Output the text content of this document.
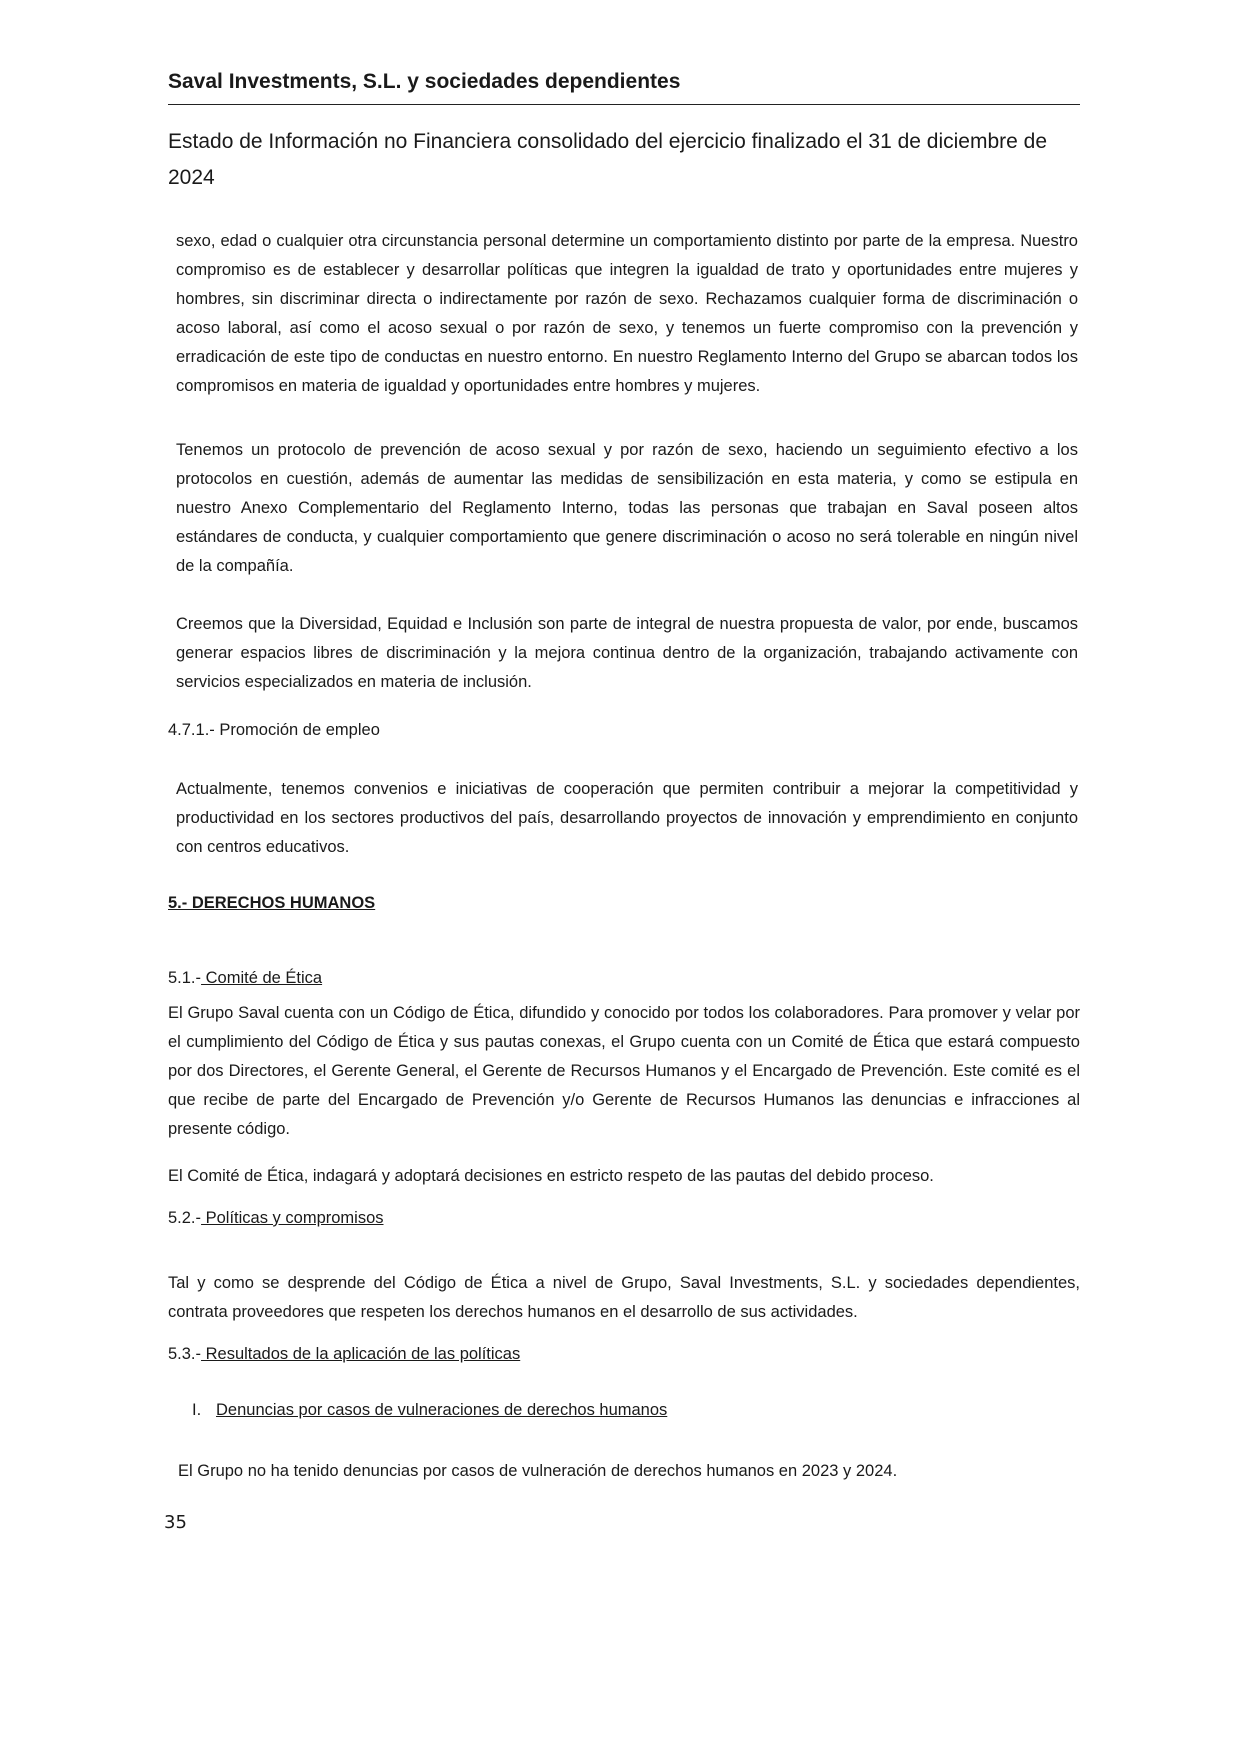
Saval Investments, S.L. y sociedades dependientes
Estado de Información no Financiera consolidado del ejercicio finalizado el 31 de diciembre de 2024
sexo, edad o cualquier otra circunstancia personal determine un comportamiento distinto por parte de la empresa. Nuestro compromiso es de establecer y desarrollar políticas que integren la igualdad de trato y oportunidades entre mujeres y hombres, sin discriminar directa o indirectamente por razón de sexo. Rechazamos cualquier forma de discriminación o acoso laboral, así como el acoso sexual o por razón de sexo, y tenemos un fuerte compromiso con la prevención y erradicación de este tipo de conductas en nuestro entorno. En nuestro Reglamento Interno del Grupo se abarcan todos los compromisos en materia de igualdad y oportunidades entre hombres y mujeres.
Tenemos un protocolo de prevención de acoso sexual y por razón de sexo, haciendo un seguimiento efectivo a los protocolos en cuestión, además de aumentar las medidas de sensibilización en esta materia, y como se estipula en nuestro Anexo Complementario del Reglamento Interno, todas las personas que trabajan en Saval poseen altos estándares de conducta, y cualquier comportamiento que genere discriminación o acoso no será tolerable en ningún nivel de la compañía.
Creemos que la Diversidad, Equidad e Inclusión son parte de integral de nuestra propuesta de valor, por ende, buscamos generar espacios libres de discriminación y la mejora continua dentro de la organización, trabajando activamente con servicios especializados en materia de inclusión.
4.7.1.- Promoción de empleo
Actualmente, tenemos convenios e iniciativas de cooperación que permiten contribuir a mejorar la competitividad y productividad en los sectores productivos del país, desarrollando proyectos de innovación y emprendimiento en conjunto con centros educativos.
5.- DERECHOS HUMANOS
5.1.- Comité de Ética
El Grupo Saval cuenta con un Código de Ética, difundido y conocido por todos los colaboradores. Para promover y velar por el cumplimiento del Código de Ética y sus pautas conexas, el Grupo cuenta con un Comité de Ética que estará compuesto por dos Directores, el Gerente General, el Gerente de Recursos Humanos y el Encargado de Prevención. Este comité es el que recibe de parte del Encargado de Prevención y/o Gerente de Recursos Humanos las denuncias e infracciones al presente código.
El Comité de Ética, indagará y adoptará decisiones en estricto respeto de las pautas del debido proceso.
5.2.- Políticas y compromisos
Tal y como se desprende del Código de Ética a nivel de Grupo, Saval Investments, S.L. y sociedades dependientes, contrata proveedores que respeten los derechos humanos en el desarrollo de sus actividades.
5.3.- Resultados de la aplicación de las políticas
I. Denuncias por casos de vulneraciones de derechos humanos
El Grupo no ha tenido denuncias por casos de vulneración de derechos humanos en 2023 y 2024.
35
